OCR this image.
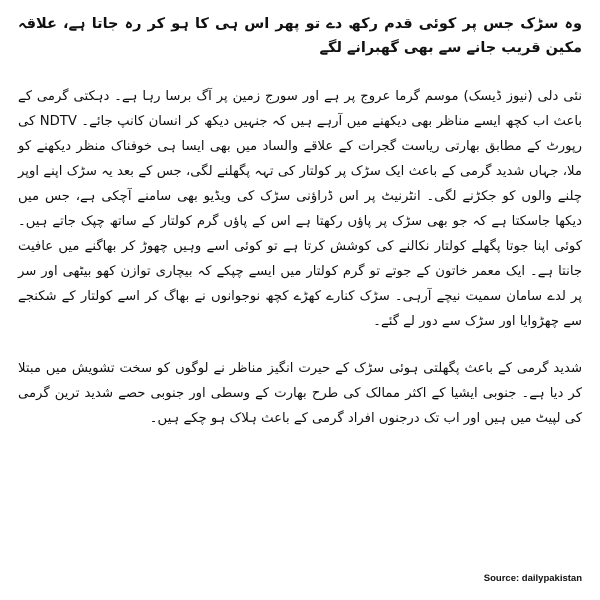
وہ سڑک جس پر کوئی قدم رکھ دے تو پھر اس ہی کا ہو کر رہ جاتا ہے، علاقہ مکین قریب جانے سے بھی گھبرانے لگے

نئی دلی (نیوز ڈیسک) موسم گرما عروج پر ہے اور سورج زمین پر آگ برسا رہا ہے۔ دہکتی گرمی کے باعث اب کچھ ایسے مناظر بھی دیکھنے میں آرہے ہیں کہ جنہیں دیکھ کر انسان کانپ جائے۔ NDTV کی رپورٹ کے مطابق بھارتی ریاست گجرات کے علاقے والساد میں بھی ایسا ہی خوفناک منظر دیکھنے کو ملا، جہاں شدید گرمی کے باعث ایک سڑک پر کولتار کی تہہ پگھلنے لگی، جس کے بعد یہ سڑک اپنے اوپر چلنے والوں کو جکڑنے لگی۔ انٹرنیٹ پر اس ڈراؤنی سڑک کی ویڈیو بھی سامنے آچکی ہے، جس میں دیکھا جاسکتا ہے کہ جو بھی سڑک پر پاؤں رکھتا ہے اس کے پاؤں گرم کولتار کے ساتھ چپک جاتے ہیں۔ کوئی اپنا جوتا پگھلے کولتار نکالنے کی کوشش کرتا ہے تو کوئی اسے وہیں چھوڑ کر بھاگنے میں عافیت جانتا ہے۔ ایک معمر خاتون کے جوتے تو گرم کولتار میں ایسے چپکے کہ بیچاری توازن کھو بیٹھی اور سر پر لدے سامان سمیت نیچے آرہی۔ سڑک کنارے کھڑے کچھ نوجوانوں نے بھاگ کر اسے کولتار کے شکنجے سے چھڑوایا اور سڑک سے دور لے گئے۔

شدید گرمی کے باعث پگھلتی ہوئی سڑک کے حیرت انگیز مناظر نے لوگوں کو سخت تشویش میں مبتلا کر دیا ہے۔ جنوبی ایشیا کے اکثر ممالک کی طرح بھارت کے وسطی اور جنوبی حصے شدید ترین گرمی کی لپیٹ میں ہیں اور اب تک درجنوں افراد گرمی کے باعث ہلاک ہو چکے ہیں۔

Source: dailypakistan
